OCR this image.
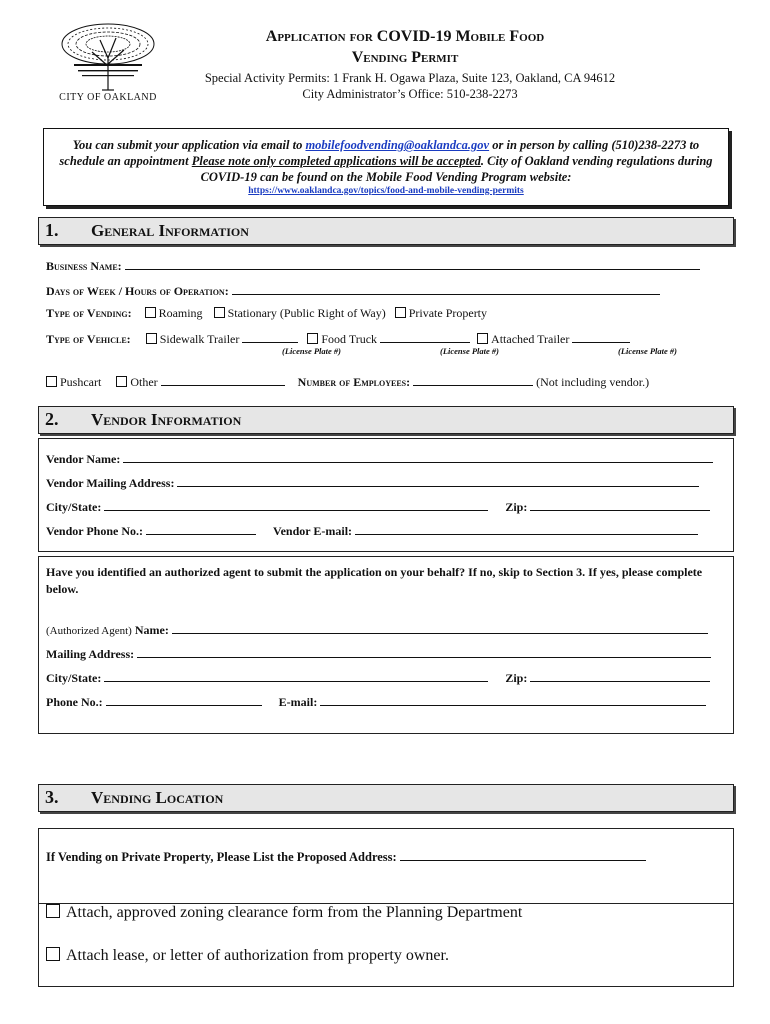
CITY OF OAKLAND
Application for COVID-19 Mobile Food
Vending Permit
Special Activity Permits: 1 Frank H. Ogawa Plaza, Suite 123, Oakland, CA 94612
City Administrator’s Office: 510-238-2273
You can submit your application via email to mobilefoodvending@oaklandca.gov or in person by calling (510)238-2273 to schedule an appointment Please note only completed applications will be accepted. City of Oakland vending regulations during COVID-19 can be found on the Mobile Food Vending Program website:
https://www.oaklandca.gov/topics/food-and-mobile-vending-permits
1. General Information
Business Name:
Days of Week / Hours of Operation:
Type of Vending: Roaming Stationary (Public Right of Way) Private Property
Type of Vehicle: Sidewalk Trailer	Food Truck	Attached Trailer
(License Plate #)	(License Plate #)	(License Plate #)
Pushcart Other	Number of Employees:	(Not including vendor.)
2. Vendor Information
Vendor Name:
Vendor Mailing Address:
City/State:	Zip:
Vendor Phone No.:	Vendor E-mail:
Have you identified an authorized agent to submit the application on your behalf? If no, skip to Section 3. If yes, please complete below.
(Authorized Agent) Name:
Mailing Address:
City/State:	Zip:
Phone No.:	E-mail:
3. Vending Location
If Vending on Private Property, Please List the Proposed Address:
Attach, approved zoning clearance form from the Planning Department
Attach lease, or letter of authorization from property owner.
